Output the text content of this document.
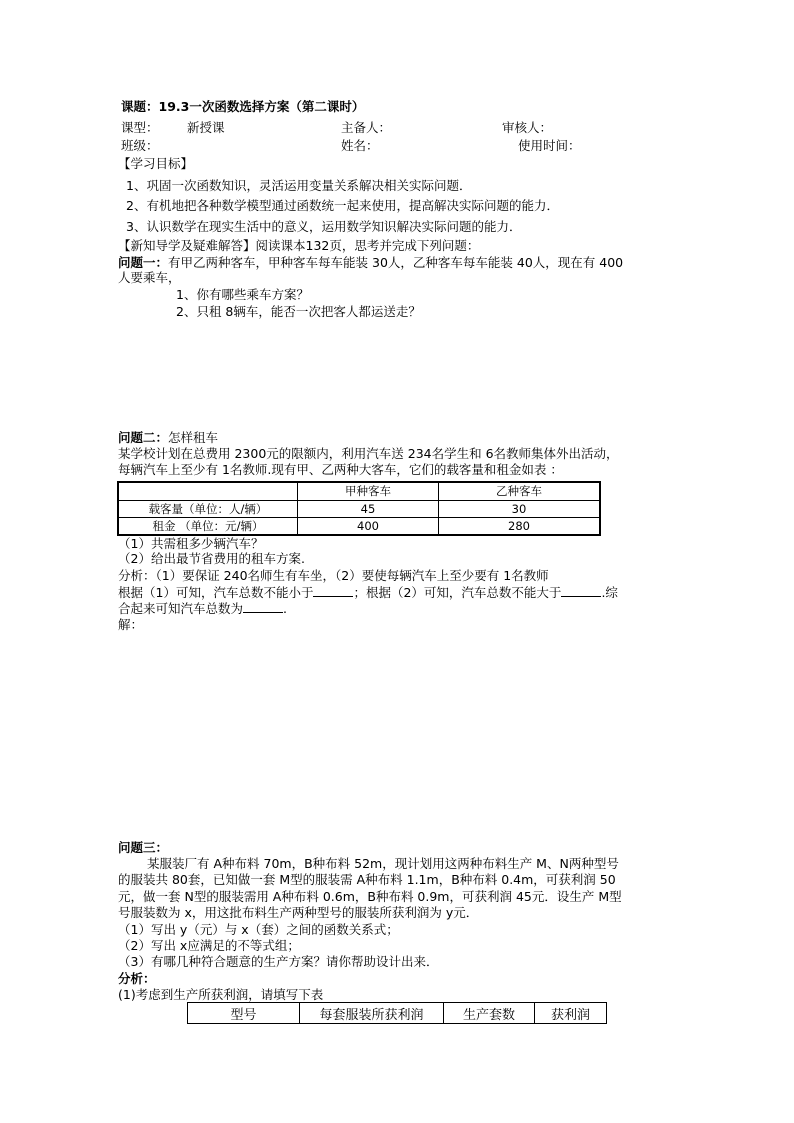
课题：19.3一次函数选择方案（第二课时）
课型： 新授课	主备人：	审核人：
班级：	姓名：	使用时间：
【学习目标】
1、巩固一次函数知识，灵活运用变量关系解决相关实际问题．
2、有机地把各种数学模型通过函数统一起来使用，提高解决实际问题的能力．
3、认识数学在现实生活中的意义，运用数学知识解决实际问题的能力．
【新知导学及疑难解答】阅读课本132页，思考并完成下列问题：
问题一：有甲乙两种客车，甲种客车每车能装 30人，乙种客车每车能装 40人，现在有 400
人要乘车，
1、你有哪些乘车方案？
2、只租 8辆车，能否一次把客人都运送走？
问题二：怎样租车
某学校计划在总费用 2300元的限额内，利用汽车送 234名学生和 6名教师集体外出活动，
每辆汽车上至少有 1名教师.现有甲、乙两种大客车，它们的载客量和租金如表 ：
	甲种客车	乙种客车
载客量（单位：人/辆）	45	30
租金 （单位：元/辆）	400	280
（1）共需租多少辆汽车？
（2）给出最节省费用的租车方案.
分析：（1）要保证 240名师生有车坐，（2）要使每辆汽车上至少要有 1名教师
根据（1）可知，汽车总数不能小于	；根据（2）可知，汽车总数不能大于	.综
合起来可知汽车总数为	.
解：
问题三：
某服装厂有 A种布料 70m，B种布料 52m，现计划用这两种布料生产 M、N两种型号
的服装共 80套，已知做一套 M型的服装需 A种布料 1.1m，B种布料 0.4m，可获利润 50
元，做一套 N型的服装需用 A种布料 0.6m，B种布料 0.9m，可获利润 45元．设生产 M型
号服装数为 x，用这批布料生产两种型号的服装所获利润为 y元．
（1）写出 y（元）与 x（套）之间的函数关系式；
（2）写出 x应满足的不等式组；
（3）有哪几种符合题意的生产方案？请你帮助设计出来．
分析：
(1)考虑到生产所获利润，请填写下表
型号	每套服装所获利润	生产套数	获利润
